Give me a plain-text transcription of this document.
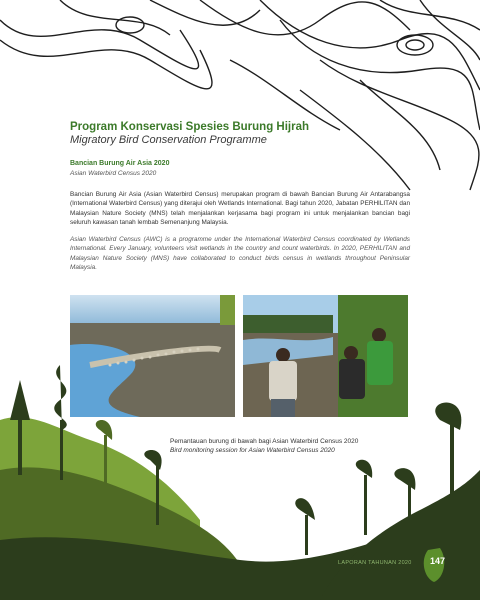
Program Konservasi Spesies Burung Hijrah

Migratory Bird Conservation Programme

Bancian Burung Air Asia 2020

Asian Waterbird Census 2020

Bancian Burung Air Asia (Asian Waterbird Census) merupakan program di bawah Bancian Burung Air Antarabangsa (International Waterbird Census) yang diterajui oleh Wetlands International. Bagi tahun 2020, Jabatan PERHILITAN dan Malaysian Nature Society (MNS) telah menjalankan kerjasama bagi program ini untuk menjalankan bancian bagi seluruh kawasan tanah lembab Semenanjung Malaysia.

Asian Waterbird Census (AWC) is a programme under the International Waterbird Census coordinated by Wetlands International. Every January, volunteers visit wetlands in the country and count waterbirds. In 2020, PERHILITAN and Malaysian Nature Society (MNS) have collaborated to conduct birds census in wetlands throughout Peninsular Malaysia.

Pemantauan burung di bawah bagi Asian Waterbird Census 2020
Bird monitoring session for Asian Waterbird Census 2020

LAPORAN TAHUNAN 2020 147
